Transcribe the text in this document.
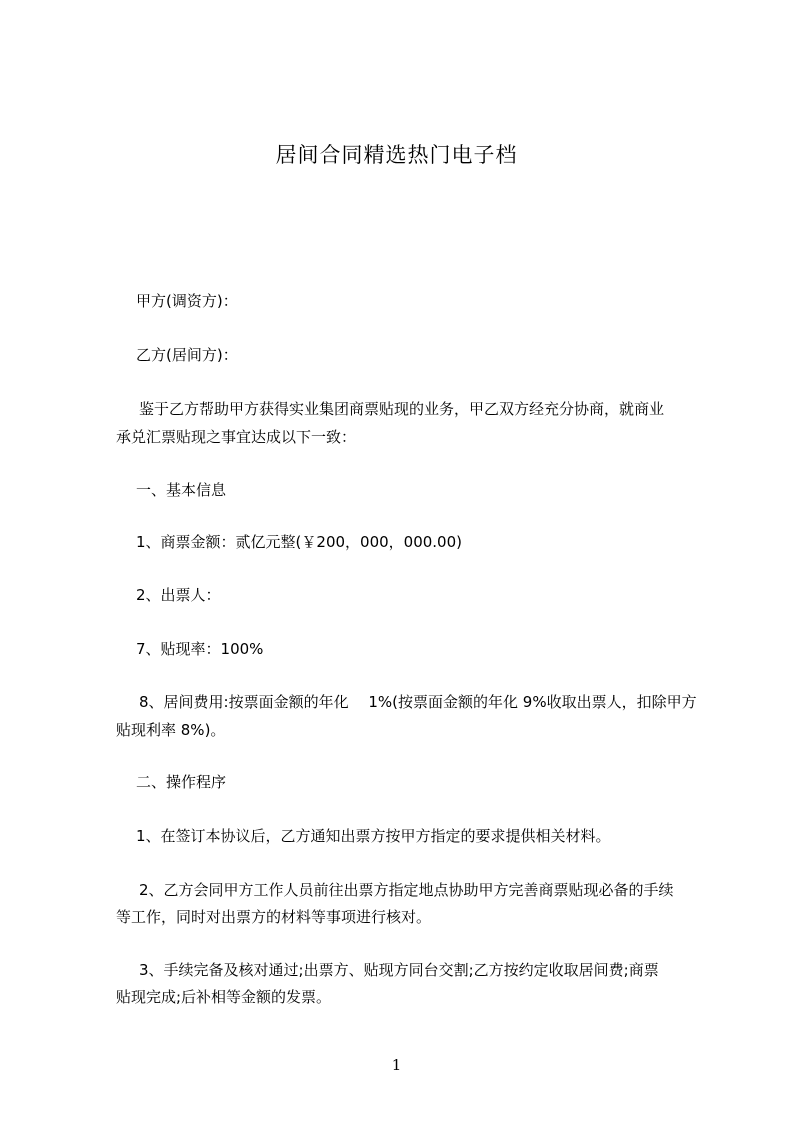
居间合同精选热门电子档
甲方(调资方)：
乙方(居间方)：
鉴于乙方帮助甲方获得实业集团商票贴现的业务，甲乙双方经充分协商，就商业
承兑汇票贴现之事宜达成以下一致：
一、基本信息
1、商票金额：贰亿元整(￥200，000，000.00)
2、出票人：
7、贴现率：100%
8、居间费用:按票面金额的年化　 1%(按票面金额的年化 9%收取出票人，扣除甲方
贴现利率 8%)。
二、操作程序
1、在签订本协议后，乙方通知出票方按甲方指定的要求提供相关材料。
2、乙方会同甲方工作人员前往出票方指定地点协助甲方完善商票贴现必备的手续
等工作，同时对出票方的材料等事项进行核对。
3、手续完备及核对通过;出票方、贴现方同台交割;乙方按约定收取居间费;商票
贴现完成;后补相等金额的发票。
1
